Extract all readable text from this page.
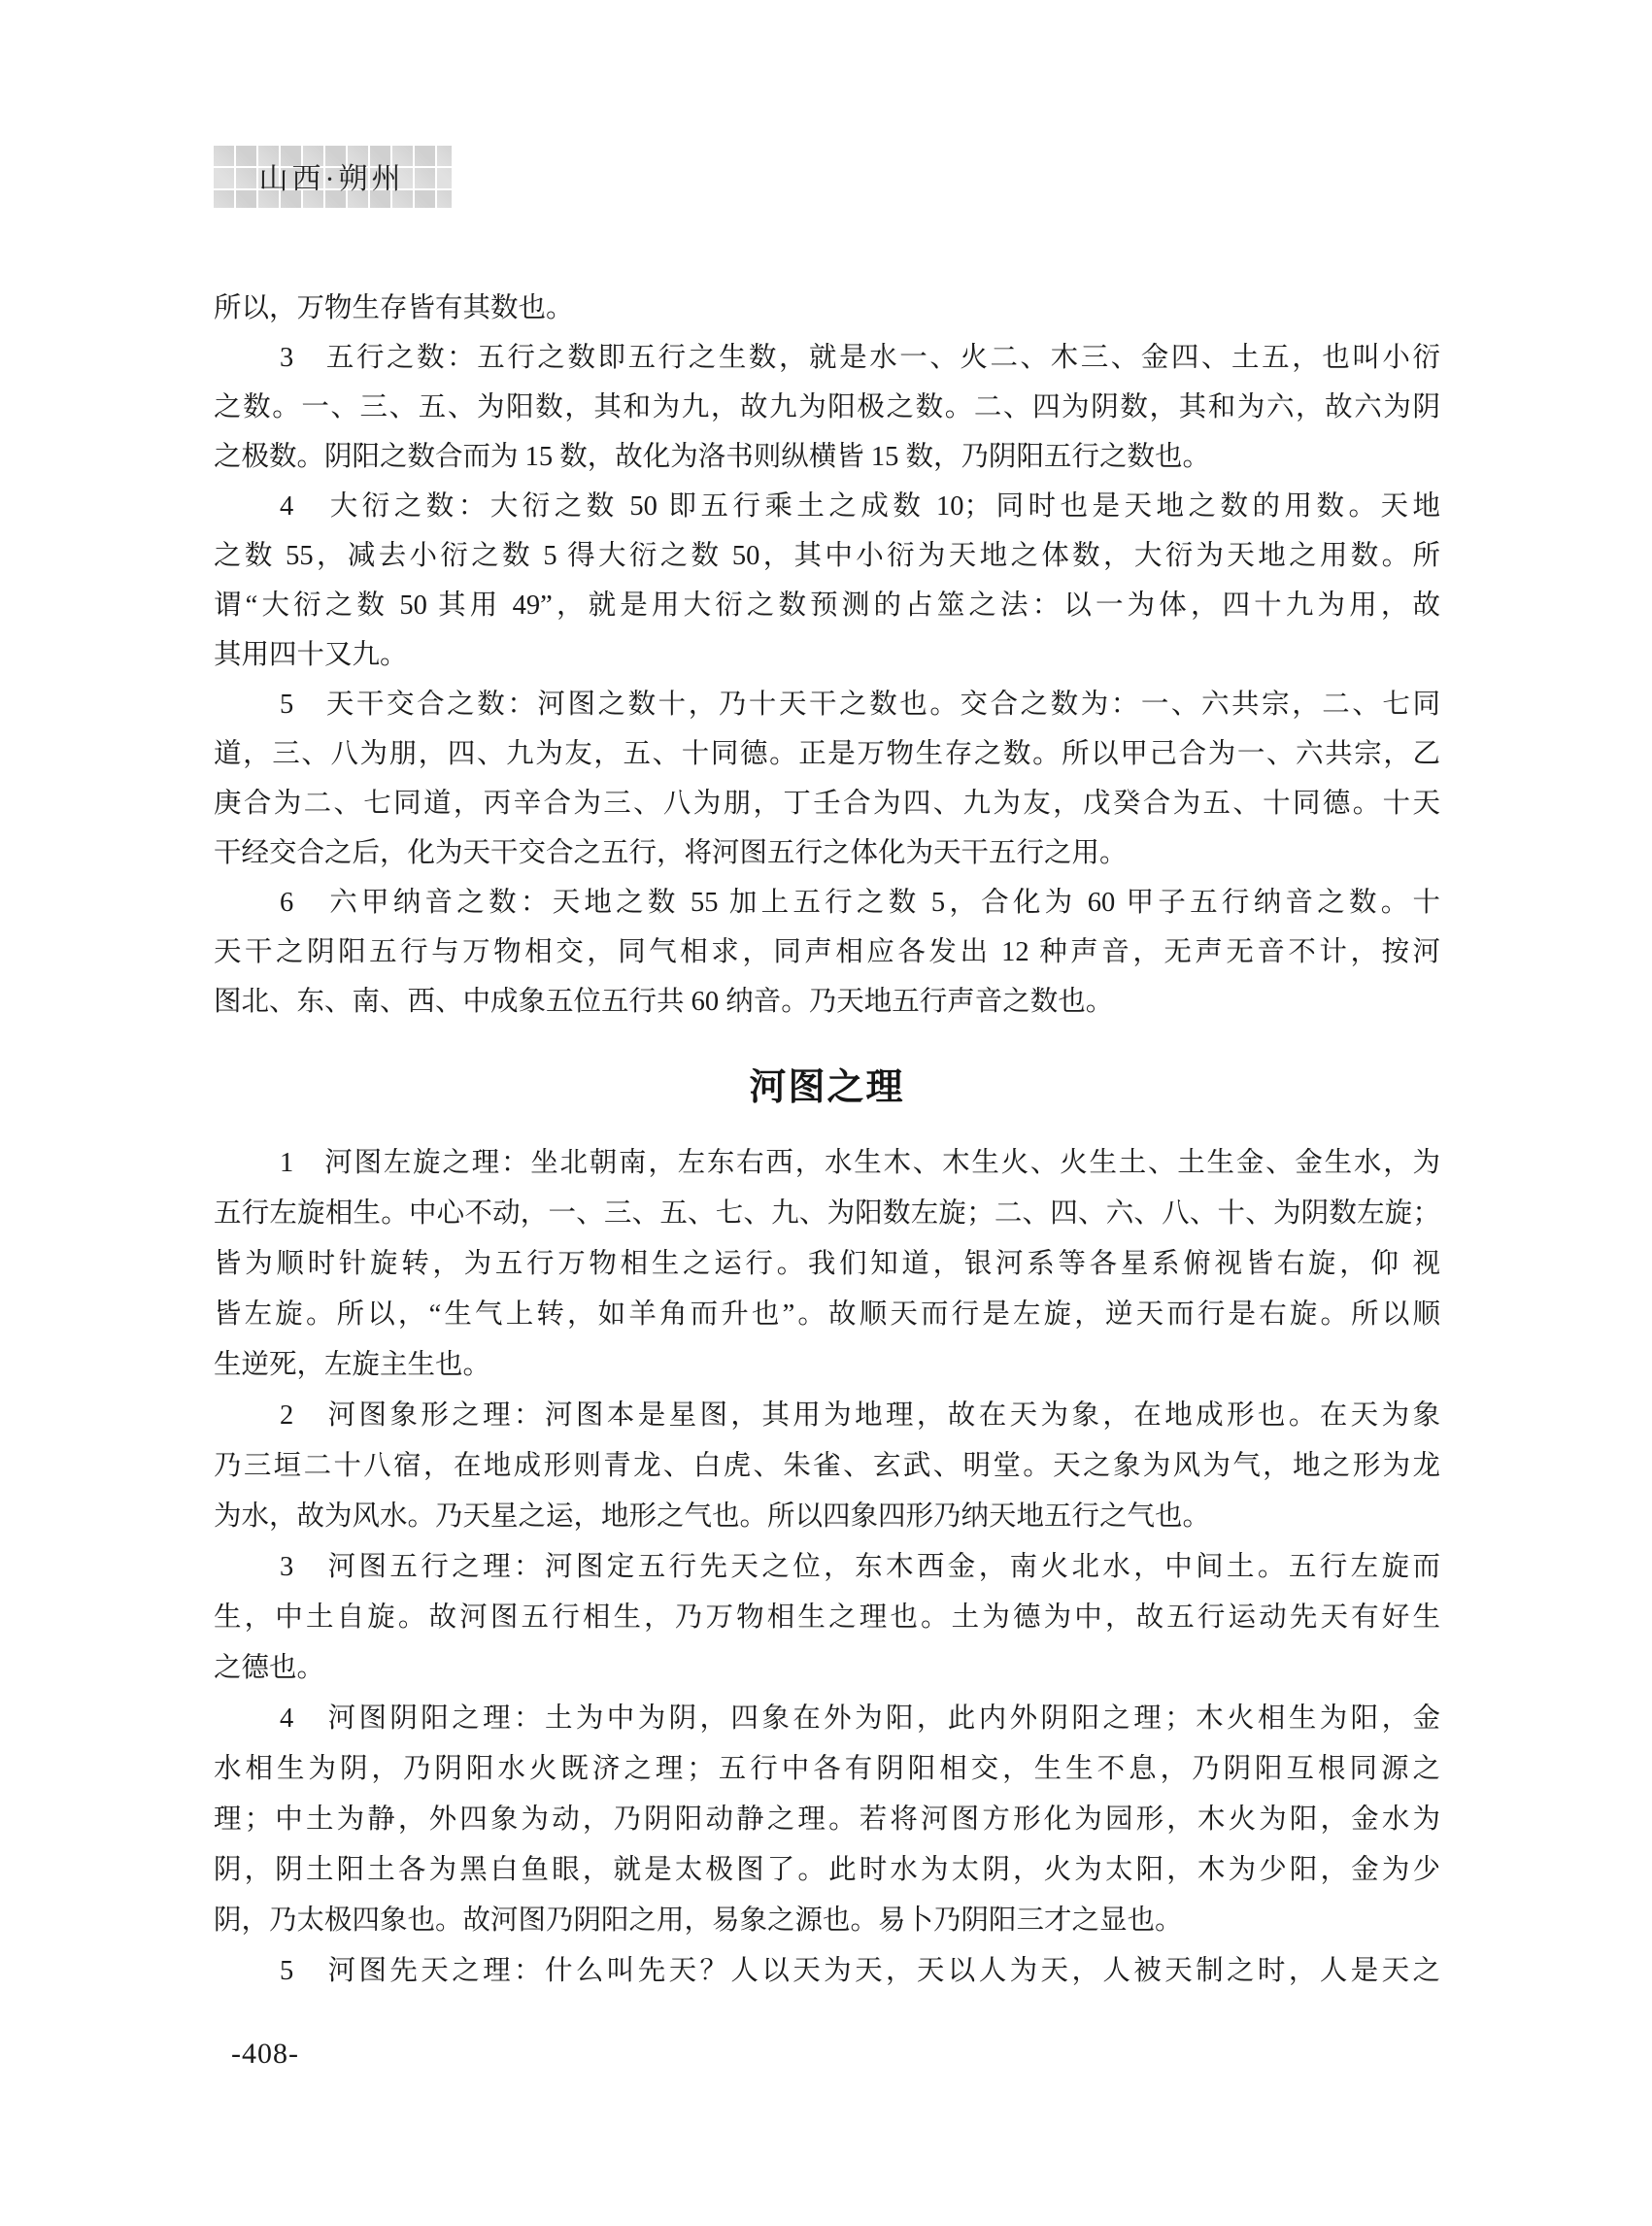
山西·朔州
所以，万物生存皆有其数也。
3　五行之数：五行之数即五行之生数，就是水一、火二、木三、金四、土五，也叫小衍
之数。一、三、五、为阳数，其和为九，故九为阳极之数。二、四为阴数，其和为六，故六为阴
之极数。阴阳之数合而为 15 数，故化为洛书则纵横皆 15 数，乃阴阳五行之数也。
4　大衍之数：大衍之数 50 即五行乘土之成数 10；同时也是天地之数的用数。天地
之数 55，减去小衍之数 5 得大衍之数 50，其中小衍为天地之体数，大衍为天地之用数。所
谓“大衍之数 50 其用 49”，就是用大衍之数预测的占筮之法：以一为体，四十九为用，故
其用四十又九。
5　天干交合之数：河图之数十，乃十天干之数也。交合之数为：一、六共宗，二、七同
道，三、八为朋，四、九为友，五、十同德。正是万物生存之数。所以甲己合为一、六共宗，乙
庚合为二、七同道，丙辛合为三、八为朋，丁壬合为四、九为友，戊癸合为五、十同德。十天
干经交合之后，化为天干交合之五行，将河图五行之体化为天干五行之用。
6　六甲纳音之数：天地之数 55 加上五行之数 5，合化为 60 甲子五行纳音之数。十
天干之阴阳五行与万物相交，同气相求，同声相应各发出 12 种声音，无声无音不计，按河
图北、东、南、西、中成象五位五行共 60 纳音。乃天地五行声音之数也。
河图之理
1　河图左旋之理：坐北朝南，左东右西，水生木、木生火、火生土、土生金、金生水，为
五行左旋相生。中心不动，一、三、五、七、九、为阳数左旋；二、四、六、八、十、为阴数左旋；
皆为顺时针旋转，为五行万物相生之运行。我们知道，银河系等各星系俯视皆右旋，仰 视
皆左旋。所以，“生气上转，如羊角而升也”。故顺天而行是左旋，逆天而行是右旋。所以顺
生逆死，左旋主生也。
2　河图象形之理：河图本是星图，其用为地理，故在天为象，在地成形也。在天为象
乃三垣二十八宿，在地成形则青龙、白虎、朱雀、玄武、明堂。天之象为风为气，地之形为龙
为水，故为风水。乃天星之运，地形之气也。所以四象四形乃纳天地五行之气也。
3　河图五行之理：河图定五行先天之位，东木西金，南火北水，中间土。五行左旋而
生，中土自旋。故河图五行相生，乃万物相生之理也。土为德为中，故五行运动先天有好生
之德也。
4　河图阴阳之理：土为中为阴，四象在外为阳，此内外阴阳之理；木火相生为阳，金
水相生为阴，乃阴阳水火既济之理；五行中各有阴阳相交，生生不息，乃阴阳互根同源之
理；中土为静，外四象为动，乃阴阳动静之理。若将河图方形化为园形，木火为阳，金水为
阴，阴土阳土各为黑白鱼眼，就是太极图了。此时水为太阴，火为太阳，木为少阳，金为少
阴，乃太极四象也。故河图乃阴阳之用，易象之源也。易卜乃阴阳三才之显也。
5　河图先天之理：什么叫先天？人以天为天，天以人为天，人被天制之时，人是天之
-408-
